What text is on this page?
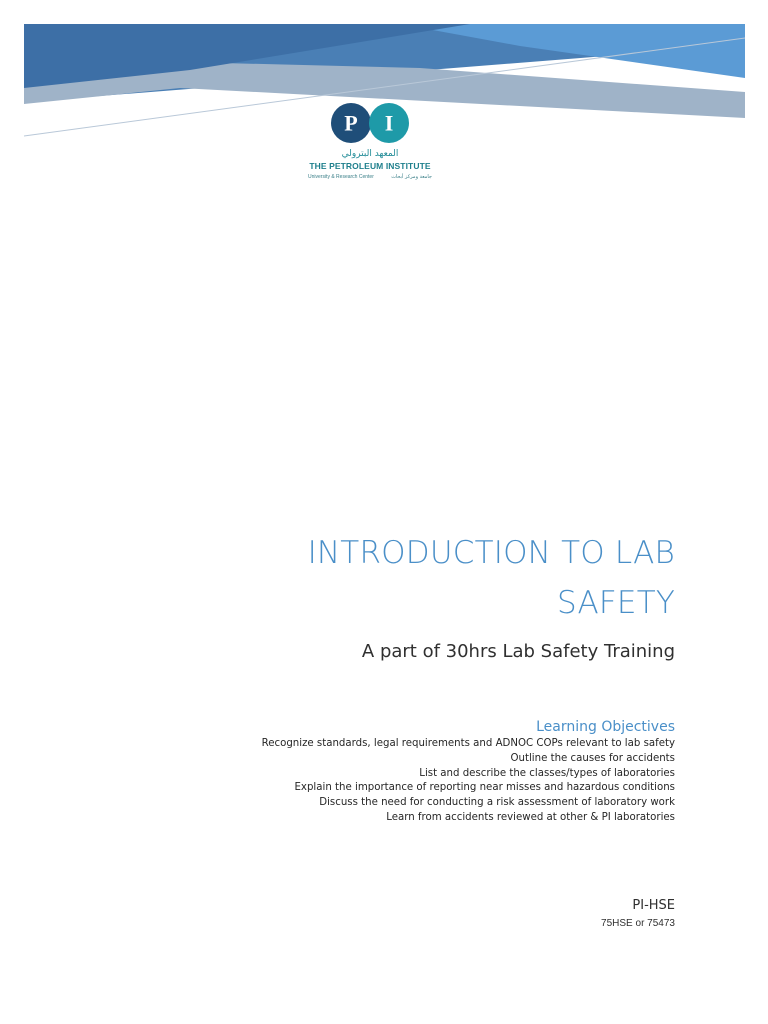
P I
المعهد البترولي
THE PETROLEUM INSTITUTE
University & Research Center	جامعة ومركز أبحاث
INTRODUCTION TO LAB
SAFETY
A part of 30hrs Lab Safety Training
Learning Objectives
Recognize standards, legal requirements and ADNOC COPs relevant to lab safety
Outline the causes for accidents
List and describe the classes/types of laboratories
Explain the importance of reporting near misses and hazardous conditions
Discuss the need for conducting a risk assessment of laboratory work
Learn from accidents reviewed at other & PI laboratories
PI-HSE
75HSE or 75473
